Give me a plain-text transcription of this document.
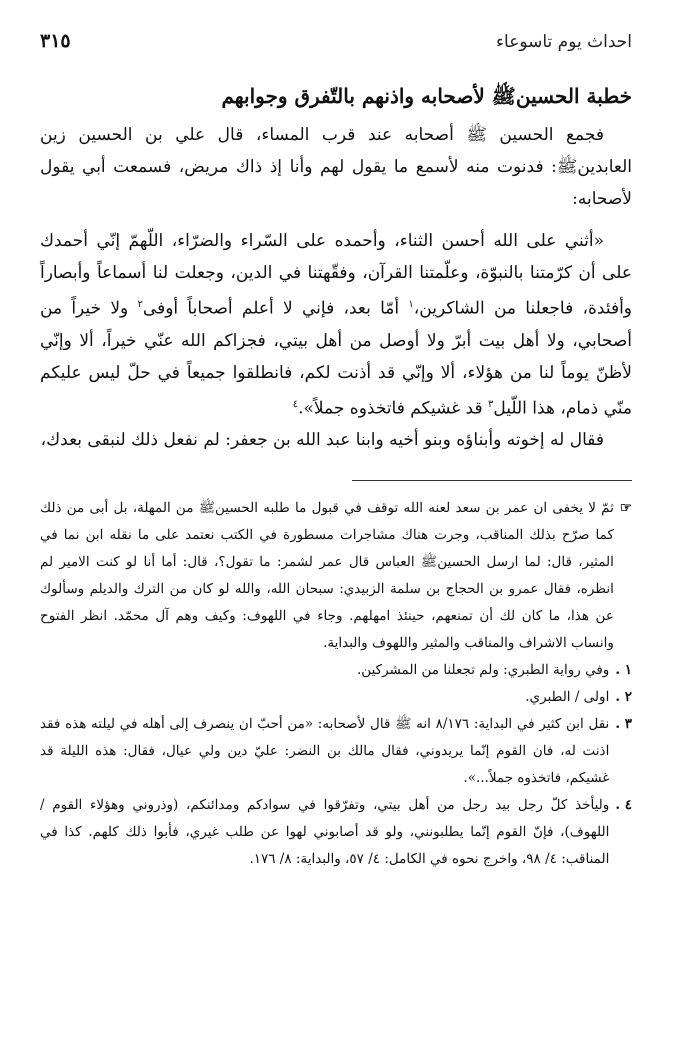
احداث يوم تاسوعاء
٣١٥
خطبة الحسينﷺ لأصحابه واذنهم بالتّفرق وجوابهم

فجمع الحسين ﷺ أصحابه عند قرب المساء، قال علي بن الحسين زين العابدينﷺ: فدنوت منه لأسمع ما يقول لهم وأنا إذ ذاك مريض، فسمعت أبي يقول لأصحابه:

«أثني على الله أحسن الثناء، وأحمده على السّراء والضرّاء، اللّهمّ إنّي أحمدك على أن كرّمتنا بالنبوّة، وعلّمتنا القرآن، وفقّهتنا في الدين، وجعلت لنا أسماعاً وأبصاراً وأفئدة، فاجعلنا من الشاكرين،$^١$ أمّا بعد، فإني لا أعلم أصحاباً أوفى$^٢$ ولا خيراً من أصحابي، ولا أهل بيت أبرّ ولا أوصل من أهل بيتي، فجزاكم الله عنّي خيراً، ألا وإنّي لأظنّ يوماً لنا من هؤلاء، ألا وإنّي قد أذنت لكم، فانطلقوا جميعاً في حلّ ليس عليكم منّي ذمام، هذا اللّيل$^٣$ قد غشيكم فاتخذوه جملاً».$^٤$

فقال له إخوته وأبناؤه وبنو أخيه وابنا عبد الله بن جعفر: لم نفعل ذلك لنبقى بعدك،

☞
ثمّ لا يخفى ان عمر بن سعد لعنه الله توقف في قبول ما طلبه الحسينﷺ من المهلة، بل أبى من ذلك كما صرّح بذلك المناقب، وجرت هناك مشاجرات مسطورة في الكتب نعتمد على ما نقله ابن نما في المثير، قال: لما ارسل الحسينﷺ العباس قال عمر لشمر: ما تقول؟، قال: أما أنا لو كنت الامير لم انظره، فقال عمرو بن الحجاج بن سلمة الزبيدي: سبحان الله، والله لو كان من الترك والديلم وسألوك عن هذا، ما كان لك أن تمنعهم، حينئذ امهلهم. وجاء في اللهوف: وكيف وهم آل محمّد. انظر الفتوح وانساب الاشراف والمناقب والمثير واللهوف والبداية.
١ .
وفي رواية الطبري: ولم تجعلنا من المشركين.
٢ .
اولى / الطبري.
٣ .
نقل ابن كثير في البداية: ٨/١٧٦ انه ﷺ قال لأصحابه: «من أحبّ ان ينصرف إلى أهله في ليلته هذه فقد اذنت له، فان القوم إنّما يريدوني، فقال مالك بن النضر: عليّ دين ولي عيال، فقال: هذه الليلة قد غشيكم، فاتخذوه جملاً...».
٤ .
وليأخذ كلّ رجل بيد رجل من أهل بيتي، وتفرّقوا في سوادكم ومدائنكم، (وذروني وهؤلاء القوم / اللهوف)، فإنّ القوم إنّما يطلبونني، ولو قد أصابوني لهوا عن طلب غيري، فأبوا ذلك كلهم. كذا في المناقب: ٤/ ٩٨، واخرج نحوه في الكامل: ٤/ ٥٧، والبداية: ٨/ ١٧٦.
